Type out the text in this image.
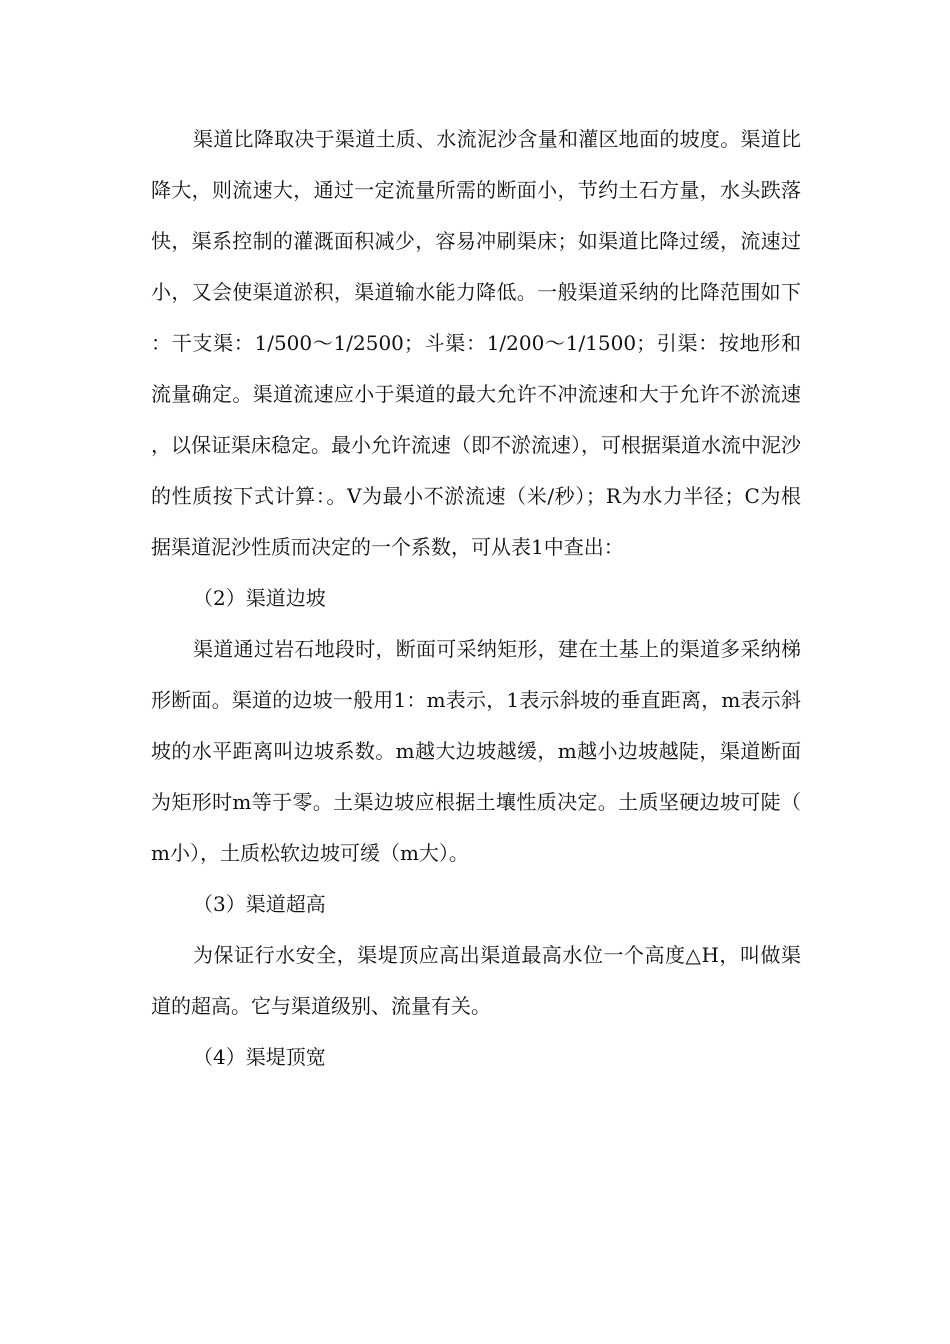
渠道比降取决于渠道土质、水流泥沙含量和灌区地面的坡度。渠道比降大，则流速大，通过一定流量所需的断面小，节约土石方量，水头跌落快，渠系控制的灌溉面积减少，容易冲刷渠床；如渠道比降过缓，流速过小，又会使渠道淤积，渠道输水能力降低。一般渠道采纳的比降范围如下：干支渠：1/500～1/2500；斗渠：1/200～1/1500；引渠：按地形和流量确定。渠道流速应小于渠道的最大允许不冲流速和大于允许不淤流速，以保证渠床稳定。最小允许流速（即不淤流速），可根据渠道水流中泥沙的性质按下式计算：。V为最小不淤流速（米/秒）；R为水力半径；C为根据渠道泥沙性质而决定的一个系数，可从表1中查出：

（2）渠道边坡

渠道通过岩石地段时，断面可采纳矩形，建在土基上的渠道多采纳梯形断面。渠道的边坡一般用1：m表示，1表示斜坡的垂直距离，m表示斜坡的水平距离叫边坡系数。m越大边坡越缓，m越小边坡越陡，渠道断面为矩形时m等于零。土渠边坡应根据土壤性质决定。土质坚硬边坡可陡（m小），土质松软边坡可缓（m大）。

（3）渠道超高

为保证行水安全，渠堤顶应高出渠道最高水位一个高度△H，叫做渠道的超高。它与渠道级别、流量有关。

（4）渠堤顶宽
